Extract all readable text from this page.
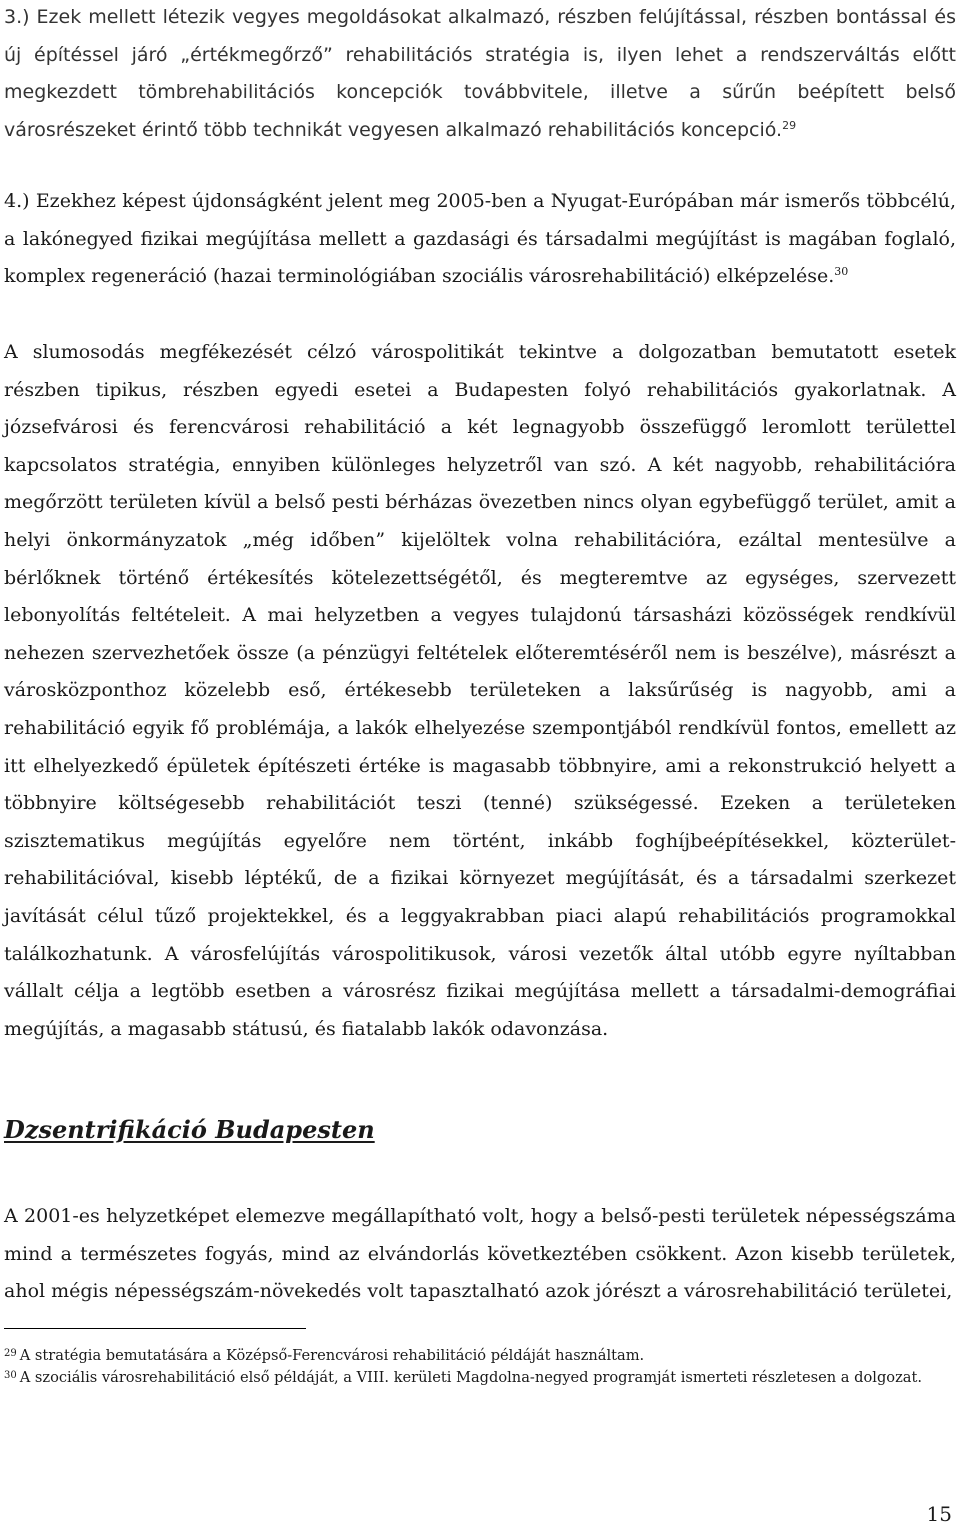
3.) Ezek mellett létezik vegyes megoldásokat alkalmazó, részben felújítással, részben bontással és új építéssel járó „értékmegőrző” rehabilitációs stratégia is, ilyen lehet a rendszerváltás előtt megkezdett tömbrehabilitációs koncepciók továbbvitele, illetve a sűrűn beépített belső városrészeket érintő több technikát vegyesen alkalmazó rehabilitációs koncepció.$^{29}$

4.) Ezekhez képest újdonságként jelent meg 2005-ben a Nyugat-Európában már ismerős többcélú, a lakónegyed fizikai megújítása mellett a gazdasági és társadalmi megújítást is magában foglaló, komplex regeneráció (hazai terminológiában szociális városrehabilitáció) elképzelése.$^{30}$

A slumosodás megfékezését célzó várospolitikát tekintve a dolgozatban bemutatott esetek részben tipikus, részben egyedi esetei a Budapesten folyó rehabilitációs gyakorlatnak. A józsefvárosi és ferencvárosi rehabilitáció a két legnagyobb összefüggő leromlott területtel kapcsolatos stratégia, ennyiben különleges helyzetről van szó. A két nagyobb, rehabilitációra megőrzött területen kívül a belső pesti bérházas övezetben nincs olyan egybefüggő terület, amit a helyi önkormányzatok „még időben” kijelöltek volna rehabilitációra, ezáltal mentesülve a bérlőknek történő értékesítés kötelezettségétől, és megteremtve az egységes, szervezett lebonyolítás feltételeit. A mai helyzetben a vegyes tulajdonú társasházi közösségek rendkívül nehezen szervezhetőek össze (a pénzügyi feltételek előteremtéséről nem is beszélve), másrészt a városközponthoz közelebb eső, értékesebb területeken a laksűrűség is nagyobb, ami a rehabilitáció egyik fő problémája, a lakók elhelyezése szempontjából rendkívül fontos, emellett az itt elhelyezkedő épületek építészeti értéke is magasabb többnyire, ami a rekonstrukció helyett a többnyire költségesebb rehabilitációt teszi (tenné) szükségessé. Ezeken a területeken szisztematikus megújítás egyelőre nem történt, inkább foghíjbeépítésekkel, közterület-rehabilitációval, kisebb léptékű, de a fizikai környezet megújítását, és a társadalmi szerkezet javítását célul tűző projektekkel, és a leggyakrabban piaci alapú rehabilitációs programokkal találkozhatunk. A városfelújítás várospolitikusok, városi vezetők által utóbb egyre nyíltabban vállalt célja a legtöbb esetben a városrész fizikai megújítása mellett a társadalmi-demográfiai megújítás, a magasabb státusú, és fiatalabb lakók odavonzása.

Dzsentrifikáció Budapesten

A 2001-es helyzetképet elemezve megállapítható volt, hogy a belső-pesti területek népességszáma mind a természetes fogyás, mind az elvándorlás következtében csökkent. Azon kisebb területek, ahol mégis népességszám-növekedés volt tapasztalható azok jórészt a városrehabilitáció területei,

$^{29}$ A stratégia bemutatására a Középső-Ferencvárosi rehabilitáció példáját használtam.

$^{30}$ A szociális városrehabilitáció első példáját, a VIII. kerületi Magdolna-negyed programját ismerteti részletesen a dolgozat.

15
